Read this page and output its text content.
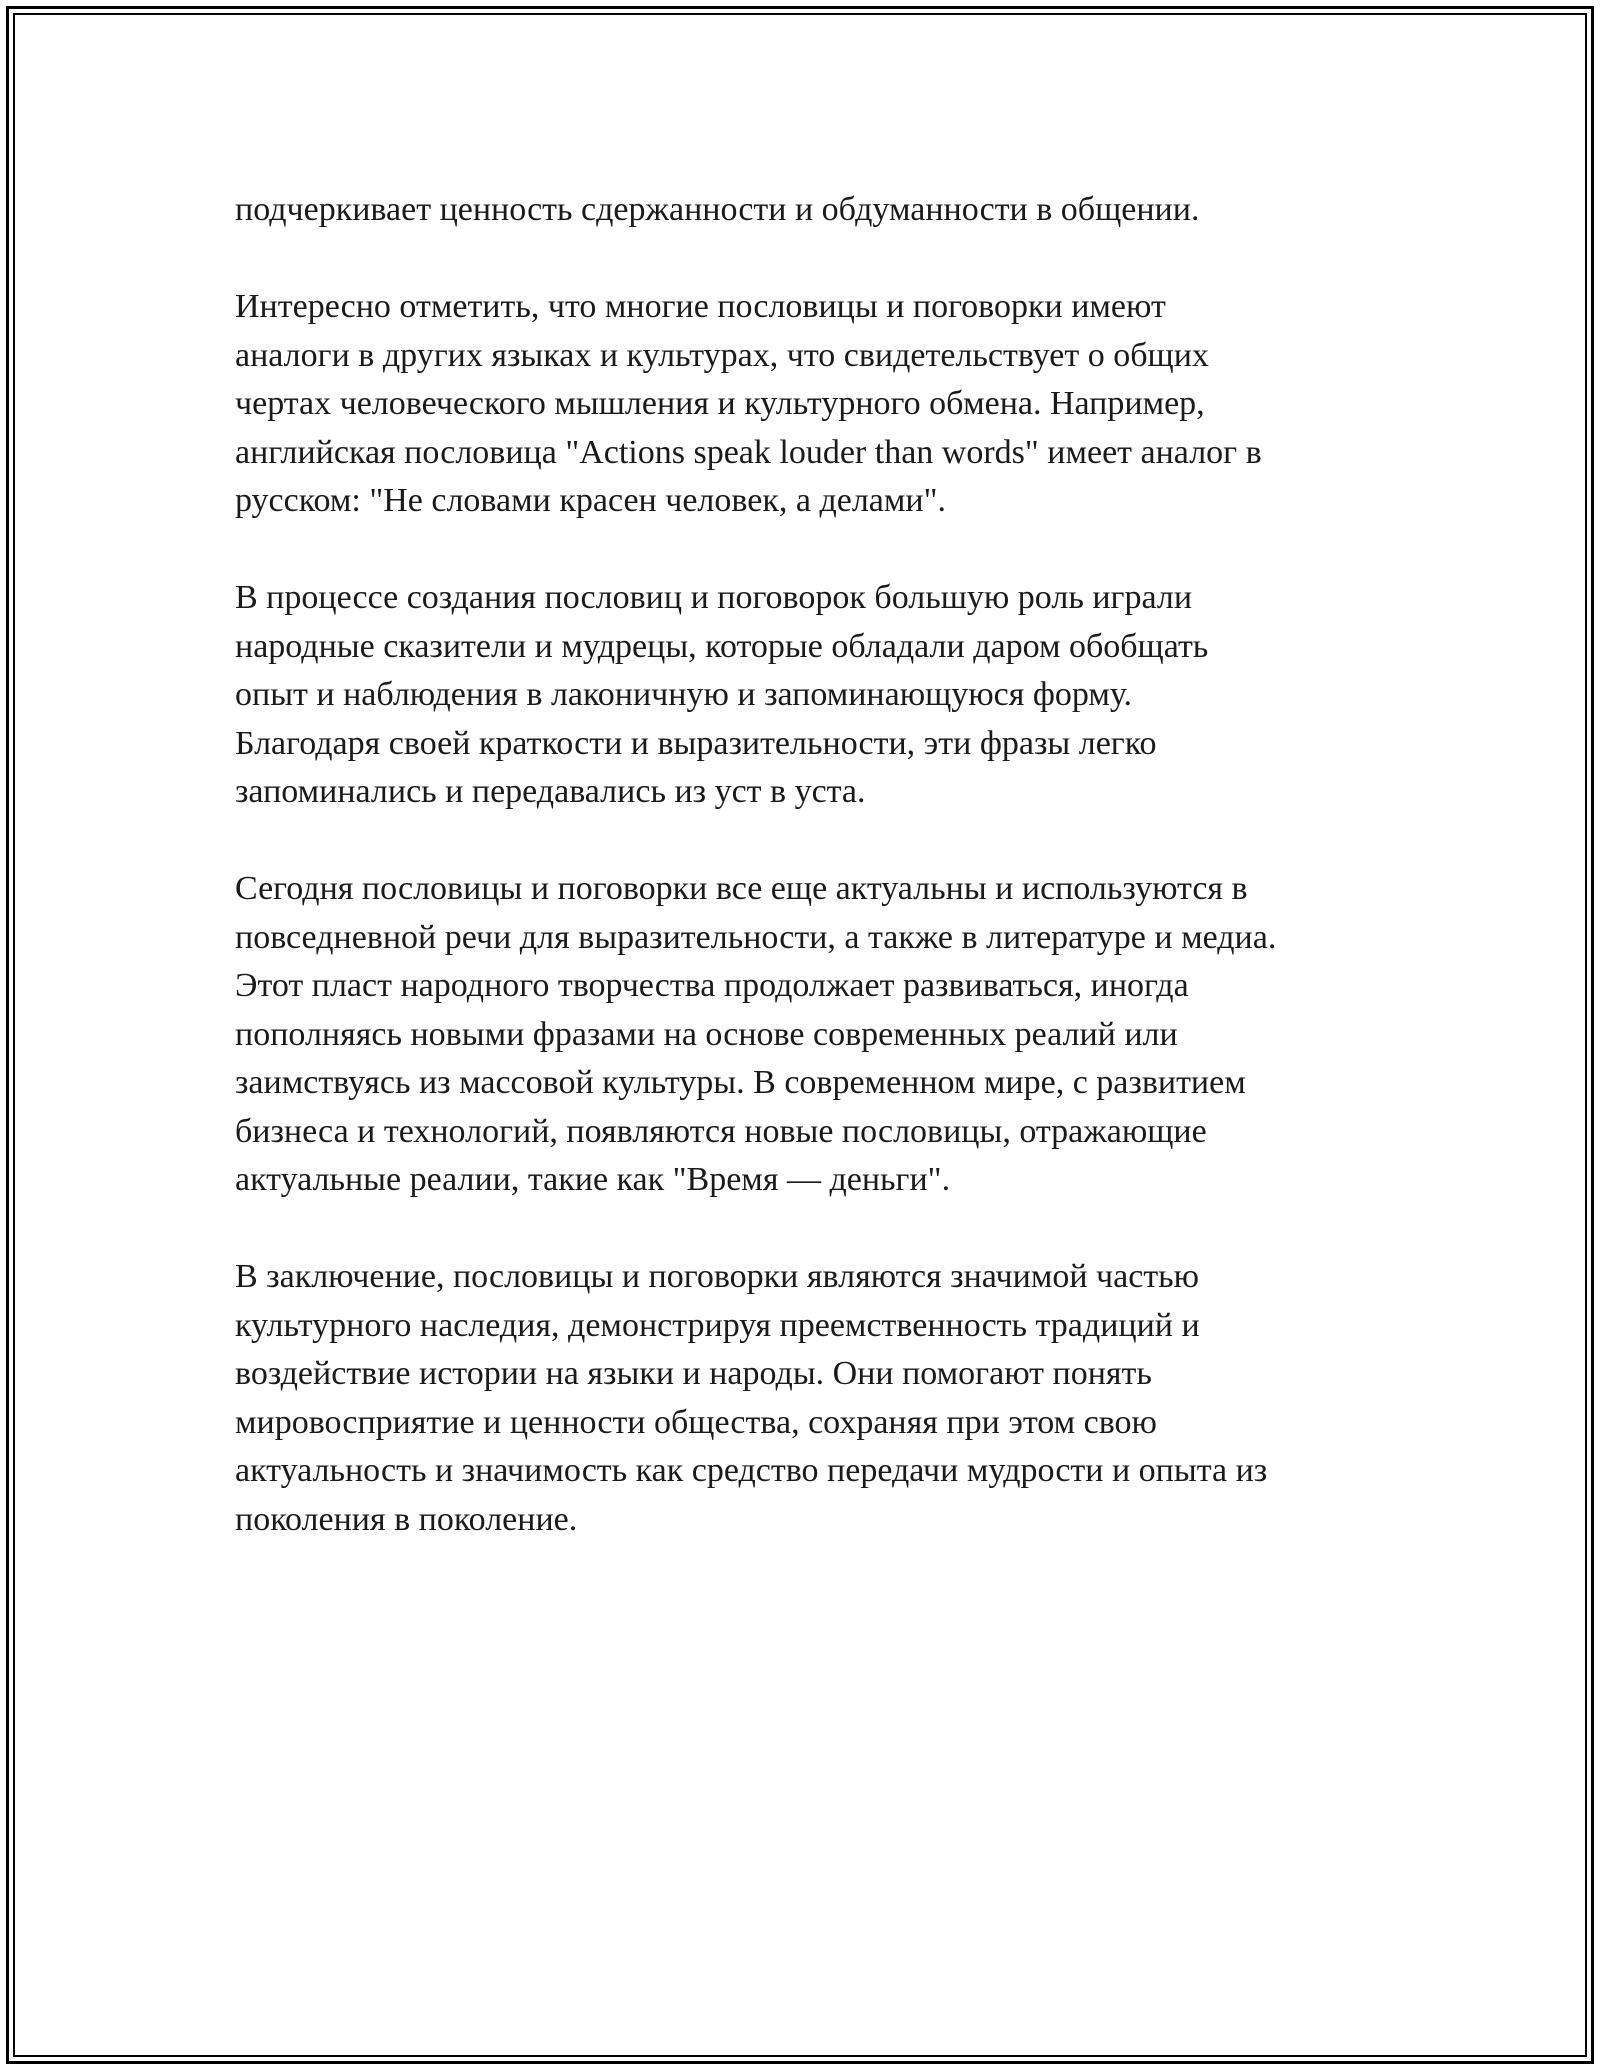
подчеркивает ценность сдержанности и обдуманности в общении.

Интересно отметить, что многие пословицы и поговорки имеют
аналоги в других языках и культурах, что свидетельствует о общих
чертах человеческого мышления и культурного обмена. Например,
английская пословица "Actions speak louder than words" имеет аналог в
русском: "Не словами красен человек, а делами".

В процессе создания пословиц и поговорок большую роль играли
народные сказители и мудрецы, которые обладали даром обобщать
опыт и наблюдения в лаконичную и запоминающуюся форму.
Благодаря своей краткости и выразительности, эти фразы легко
запоминались и передавались из уст в уста.

Сегодня пословицы и поговорки все еще актуальны и используются в
повседневной речи для выразительности, а также в литературе и медиа.
Этот пласт народного творчества продолжает развиваться, иногда
пополняясь новыми фразами на основе современных реалий или
заимствуясь из массовой культуры. В современном мире, с развитием
бизнеса и технологий, появляются новые пословицы, отражающие
актуальные реалии, такие как "Время — деньги".

В заключение, пословицы и поговорки являются значимой частью
культурного наследия, демонстрируя преемственность традиций и
воздействие истории на языки и народы. Они помогают понять
мировосприятие и ценности общества, сохраняя при этом свою
актуальность и значимость как средство передачи мудрости и опыта из
поколения в поколение.
